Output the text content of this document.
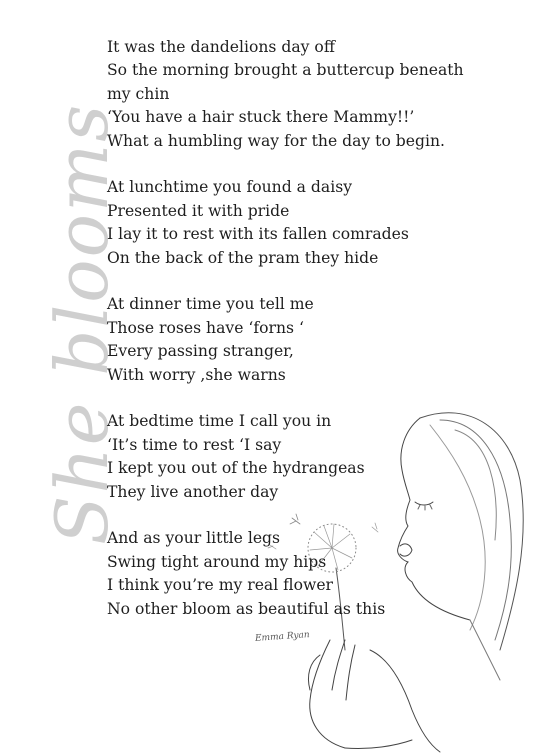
She blooms
It was the dandelions day off
So the morning brought a buttercup beneath my chin
‘You have a hair stuck there Mammy!!’
What a humbling way for the day to begin.
At lunchtime you found a daisy
Presented it with pride
I lay it to rest with its fallen comrades
On the back of the pram they hide
At dinner time you tell me
Those roses have ‘forns ‘
Every passing stranger,
With worry ,she warns
At bedtime time I call you in
‘It’s time to rest ‘I say
I kept you out of the hydrangeas
They live another day
And as your little legs
Swing tight around my hips
I think you’re my real flower
No other bloom as beautiful as this
Emma Ryan
